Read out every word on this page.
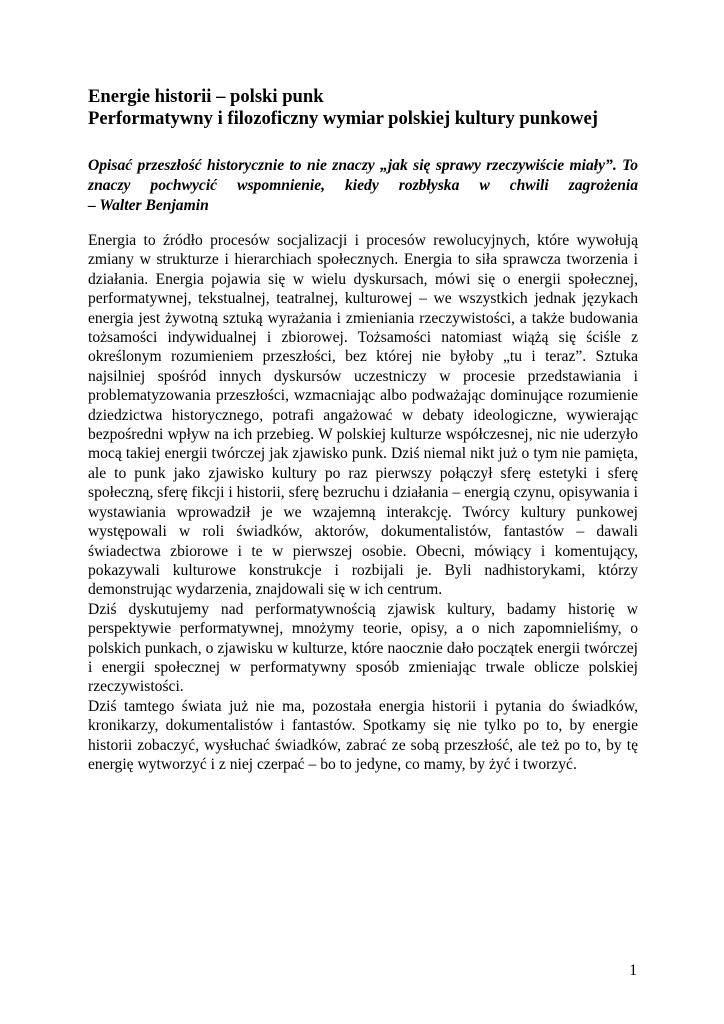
Energie historii – polski punk
Performatywny i filozoficzny wymiar polskiej kultury punkowej

Opisać przeszłość historycznie to nie znaczy „jak się sprawy rzeczywiście miały”. To znaczy pochwycić wspomnienie, kiedy rozbłyska w chwili zagrożenia – Walter Benjamin

Energia to źródło procesów socjalizacji i procesów rewolucyjnych, które wywołują zmiany w strukturze i hierarchiach społecznych. Energia to siła sprawcza tworzenia i działania. Energia pojawia się w wielu dyskursach, mówi się o energii społecznej, performatywnej, tekstualnej, teatralnej, kulturowej – we wszystkich jednak językach energia jest żywotną sztuką wyrażania i zmieniania rzeczywistości, a także budowania tożsamości indywidualnej i zbiorowej. Tożsamości natomiast wiążą się ściśle z określonym rozumieniem przeszłości, bez której nie byłoby „tu i teraz”. Sztuka najsilniej spośród innych dyskursów uczestniczy w procesie przedstawiania i problematyzowania przeszłości, wzmacniając albo podważając dominujące rozumienie dziedzictwa historycznego, potrafi angażować w debaty ideologiczne, wywierając bezpośredni wpływ na ich przebieg. W polskiej kulturze współczesnej, nic nie uderzyło mocą takiej energii twórczej jak zjawisko punk. Dziś niemal nikt już o tym nie pamięta, ale to punk jako zjawisko kultury po raz pierwszy połączył sferę estetyki i sferę społeczną, sferę fikcji i historii, sferę bezruchu i działania – energią czynu, opisywania i wystawiania wprowadził je we wzajemną interakcję. Twórcy kultury punkowej występowali w roli świadków, aktorów, dokumentalistów, fantastów – dawali świadectwa zbiorowe i te w pierwszej osobie. Obecni, mówiący i komentujący, pokazywali kulturowe konstrukcje i rozbijali je. Byli nadhistorykami, którzy demonstrując wydarzenia, znajdowali się w ich centrum.

Dziś dyskutujemy nad performatywnością zjawisk kultury, badamy historię w perspektywie performatywnej, mnożymy teorie, opisy, a o nich zapomnieliśmy, o polskich punkach, o zjawisku w kulturze, które naocznie dało początek energii twórczej i energii społecznej w performatywny sposób zmieniając trwale oblicze polskiej rzeczywistości.

Dziś tamtego świata już nie ma, pozostała energia historii i pytania do świadków, kronikarzy, dokumentalistów i fantastów. Spotkamy się nie tylko po to, by energie historii zobaczyć, wysłuchać świadków, zabrać ze sobą przeszłość, ale też po to, by tę energię wytworzyć i z niej czerpać – bo to jedyne, co mamy, by żyć i tworzyć.

1
